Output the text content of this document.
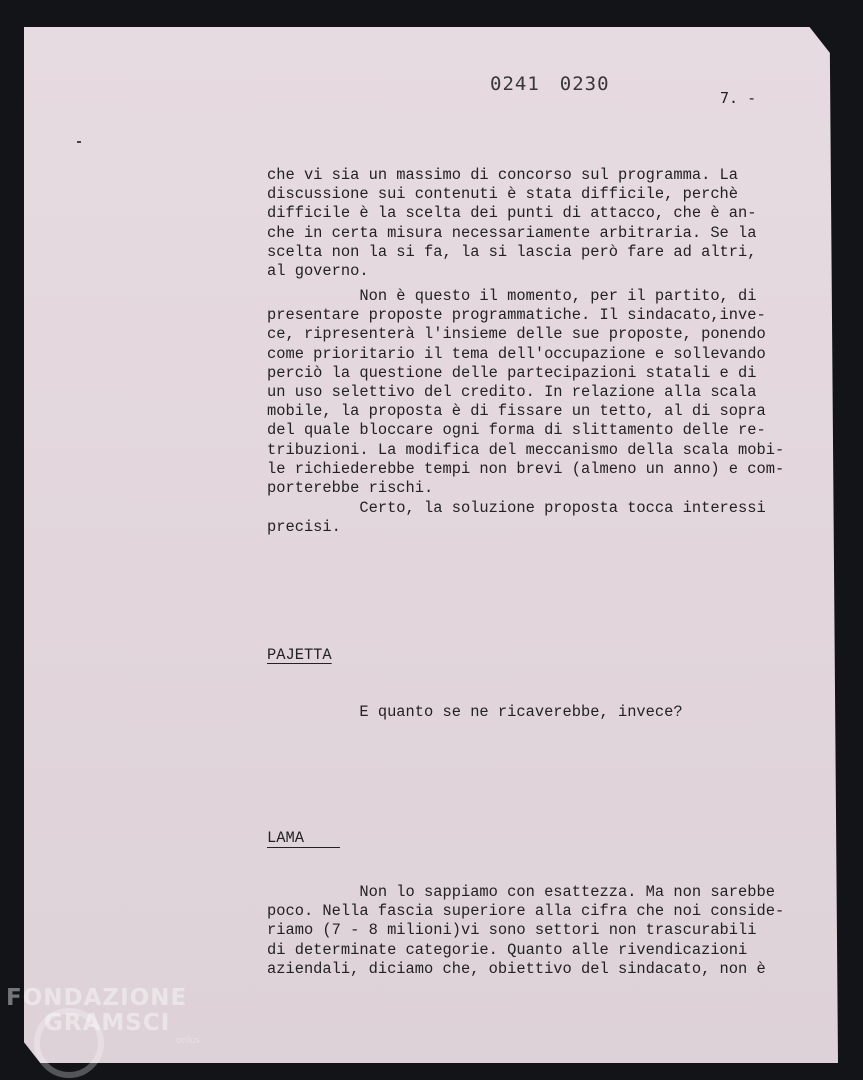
0241 0230
7. -
che vi sia un massimo di concorso sul programma. La
discussione sui contenuti è stata difficile, perchè
difficile è la scelta dei punti di attacco, che è an-
che in certa misura necessariamente arbitraria. Se la
scelta non la si fa, la si lascia però fare ad altri,
al governo.
Non è questo il momento, per il partito, di
presentare proposte programmatiche. Il sindacato,inve-
ce, ripresenterà l'insieme delle sue proposte, ponendo
come prioritario il tema dell'occupazione e sollevando
perciò la questione delle partecipazioni statali e di
un uso selettivo del credito. In relazione alla scala
mobile, la proposta è di fissare un tetto, al di sopra
del quale bloccare ogni forma di slittamento delle re-
tribuzioni. La modifica del meccanismo della scala mobi-
le richiederebbe tempi non brevi (almeno un anno) e com-
porterebbe rischi.
Certo, la soluzione proposta tocca interessi
precisi.
PAJETTA
E quanto se ne ricaverebbe, invece?
LAMA
Non lo sappiamo con esattezza. Ma non sarebbe
poco. Nella fascia superiore alla cifra che noi conside-
riamo (7 - 8 milioni)vi sono settori non trascurabili
di determinate categorie. Quanto alle rivendicazioni
aziendali, diciamo che, obiettivo del sindacato, non è
FONDAZIONE
GRAMSCI
onlus
